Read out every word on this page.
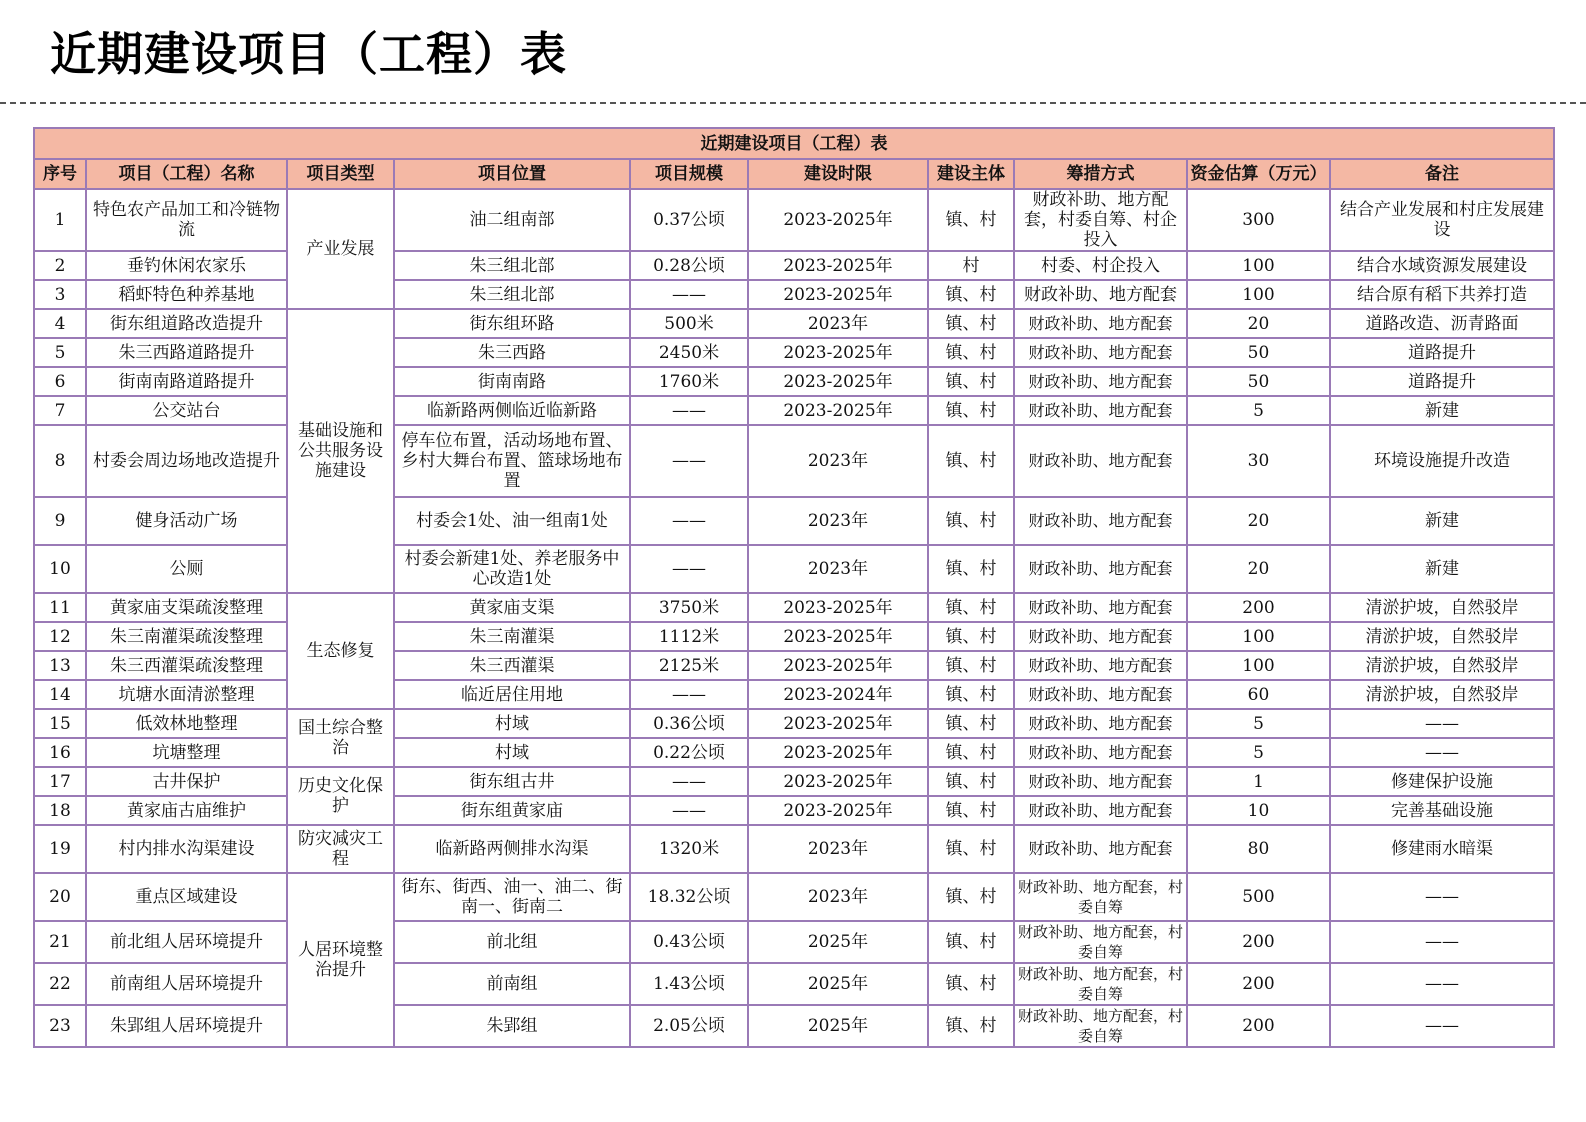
近期建设项目（工程）表
近期建设项目（工程）表									
序号	项目（工程）名称	项目类型	项目位置	项目规模	建设时限	建设主体	筹措方式	资金估算（万元）	备注
1	特色农产品加工和冷链物流	产业发展	油二组南部	0.37公顷	2023-2025年	镇、村	财政补助、地方配套，村委自筹、村企投入	300	结合产业发展和村庄发展建设
2	垂钓休闲农家乐		朱三组北部	0.28公顷	2023-2025年	村	村委、村企投入	100	结合水域资源发展建设
3	稻虾特色种养基地		朱三组北部	——	2023-2025年	镇、村	财政补助、地方配套	100	结合原有稻下共养打造
4	街东组道路改造提升	基础设施和公共服务设施建设	街东组环路	500米	2023年	镇、村	财政补助、地方配套	20	道路改造、沥青路面
5	朱三西路道路提升		朱三西路	2450米	2023-2025年	镇、村	财政补助、地方配套	50	道路提升
6	街南南路道路提升		街南南路	1760米	2023-2025年	镇、村	财政补助、地方配套	50	道路提升
7	公交站台		临新路两侧临近临新路	——	2023-2025年	镇、村	财政补助、地方配套	5	新建
8	村委会周边场地改造提升		停车位布置，活动场地布置、乡村大舞台布置、篮球场地布置	——	2023年	镇、村	财政补助、地方配套	30	环境设施提升改造
9	健身活动广场		村委会1处、油一组南1处	——	2023年	镇、村	财政补助、地方配套	20	新建
10	公厕		村委会新建1处、养老服务中心改造1处	——	2023年	镇、村	财政补助、地方配套	20	新建
11	黄家庙支渠疏浚整理	生态修复	黄家庙支渠	3750米	2023-2025年	镇、村	财政补助、地方配套	200	清淤护坡，自然驳岸
12	朱三南灌渠疏浚整理		朱三南灌渠	1112米	2023-2025年	镇、村	财政补助、地方配套	100	清淤护坡，自然驳岸
13	朱三西灌渠疏浚整理		朱三西灌渠	2125米	2023-2025年	镇、村	财政补助、地方配套	100	清淤护坡，自然驳岸
14	坑塘水面清淤整理		临近居住用地	——	2023-2024年	镇、村	财政补助、地方配套	60	清淤护坡，自然驳岸
15	低效林地整理	国土综合整治	村域	0.36公顷	2023-2025年	镇、村	财政补助、地方配套	5	——
16	坑塘整理		村域	0.22公顷	2023-2025年	镇、村	财政补助、地方配套	5	——
17	古井保护	历史文化保护	街东组古井	——	2023-2025年	镇、村	财政补助、地方配套	1	修建保护设施
18	黄家庙古庙维护		街东组黄家庙	——	2023-2025年	镇、村	财政补助、地方配套	10	完善基础设施
19	村内排水沟渠建设	防灾减灾工程	临新路两侧排水沟渠	1320米	2023年	镇、村	财政补助、地方配套	80	修建雨水暗渠
20	重点区域建设	人居环境整治提升	街东、街西、油一、油二、街南一、街南二	18.32公顷	2023年	镇、村	财政补助、地方配套，村委自筹	500	——
21	前北组人居环境提升		前北组	0.43公顷	2025年	镇、村	财政补助、地方配套，村委自筹	200	——
22	前南组人居环境提升		前南组	1.43公顷	2025年	镇、村	财政补助、地方配套，村委自筹	200	——
23	朱郢组人居环境提升		朱郢组	2.05公顷	2025年	镇、村	财政补助、地方配套，村委自筹	200	——
